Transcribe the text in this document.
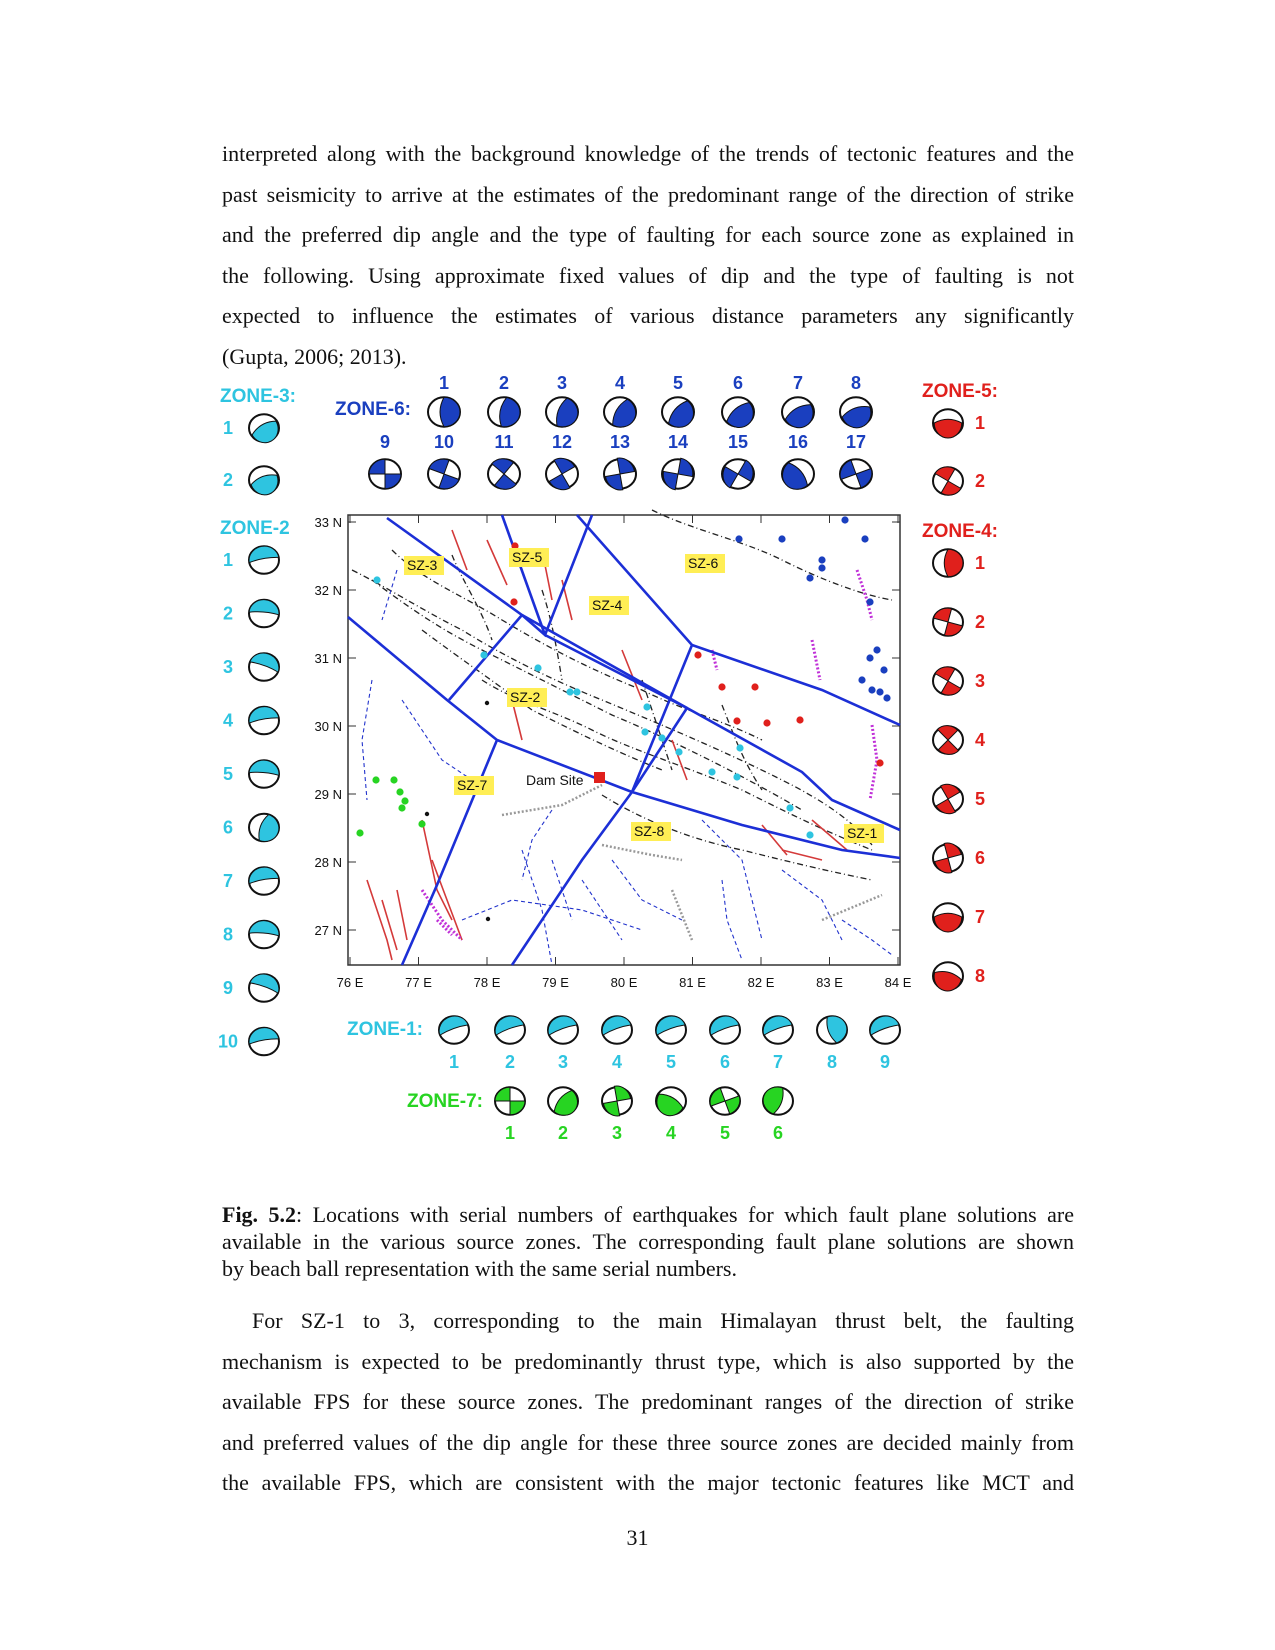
interpreted along with the background knowledge of the trends of tectonic features and the
past seismicity to arrive at the estimates of the predominant range of the direction of strike
and the preferred dip angle and the type of faulting for each source zone as explained in
the following. Using approximate fixed values of dip and the type of faulting is not
expected to influence the estimates of various distance parameters any significantly
(Gupta, 2006; 2013).
33 N
32 N
31 N
30 N
29 N
28 N
27 N
76 E	77 E	78 E	79 E	80 E	81 E	82 E	83 E	84 E
Dam Site
SZ-1
SZ-2
SZ-3
SZ-4
SZ-5	SZ-6
SZ-7
SZ-8
ZONE-3:
1
2
ZONE-2
1
2
3
4
5
6
7
8
9
10
ZONE-6:
1	2	3	4	5	6	7	8
9 10 11 12 13 14 15 16 17
ZONE-5:
1
2
ZONE-4:
1
2
3
4
5
6
7
8
ZONE-1:
1	2 3 4 5 6 7 8 9
ZONE-7:
1 2 3 4 5 6

Fig. 5.2: Locations with serial numbers of earthquakes for which fault plane solutions are
available in the various source zones. The corresponding fault plane solutions are shown
by beach ball representation with the same serial numbers.

For SZ-1 to 3, corresponding to the main Himalayan thrust belt, the faulting
mechanism is expected to be predominantly thrust type, which is also supported by the
available FPS for these source zones. The predominant ranges of the direction of strike
and preferred values of the dip angle for these three source zones are decided mainly from
the available FPS, which are consistent with the major tectonic features like MCT and
31
